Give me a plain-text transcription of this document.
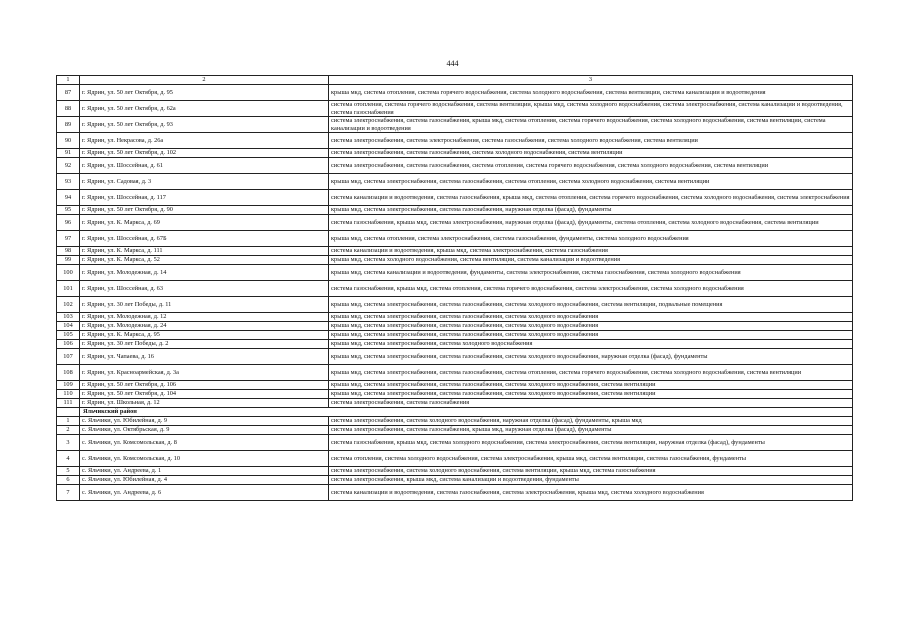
444
1	2	3
87	г. Ядрин, ул. 50 лет Октября, д. 95	крыша мкд, система отопления, система горячего водоснабжения, система холодного водоснабжения, система вентиляции, система канализации и водоотведения
88	г. Ядрин, ул. 50 лет Октября, д. 62а	система отопления, система горячего водоснабжения, система вентиляции, крыша мкд, система холодного водоснабжения, система электроснабжения, система канализации и водоотведения, система газоснабжения
89	г. Ядрин, ул. 50 лет Октября, д. 93	система электроснабжения, система газоснабжения, крыша мкд, система отопления, система горячего водоснабжения, система холодного водоснабжения, система вентиляции, система канализации и водоотведения
90	г. Ядрин, ул. Некрасова, д. 26а	система электроснабжения, система электроснабжения, система газоснабжения, система холодного водоснабжения, система вентиляции
91	г. Ядрин, ул. 50 лет Октября, д. 102	система электроснабжения, система газоснабжения, система холодного водоснабжения, система вентиляции
92	г. Ядрин, ул. Шоссейная, д. 61	система электроснабжения, система газоснабжения, система отопления, система горячего водоснабжения, система холодного водоснабжения, система вентиляции
93	г. Ядрин, ул. Садовая, д. 3	крыша мкд, система электроснабжения, система газоснабжения, система отопления, система холодного водоснабжения, система вентиляции
94	г. Ядрин, ул. Шоссейная, д. 117	система канализации и водоотведения, система газоснабжения, крыша мкд, система отопления, система горячего водоснабжения, система холодного водоснабжения, система электроснабжения
95	г. Ядрин, ул. 50 лет Октября, д. 90	крыша мкд, система электроснабжения, система газоснабжения, наружная отделка (фасад), фундаменты
96	г. Ядрин, ул. К. Маркса, д. 69	система газоснабжения, крыша мкд, система электроснабжения, наружная отделка (фасад), фундаменты, система отопления, система холодного водоснабжения, система вентиляции
97	г. Ядрин, ул. Шоссейная, д. 67Б	крыша мкд, система отопления, система электроснабжения, система газоснабжения, фундаменты, система холодного водоснабжения
98	г. Ядрин, ул. К. Маркса, д. 111	система канализации и водоотведения, крыша мкд, система электроснабжения, система газоснабжения
99	г. Ядрин, ул. К. Маркса, д. 52	крыша мкд, система холодного водоснабжения, система вентиляции, система канализации и водоотведения
100	г. Ядрин, ул. Молодежная, д. 14	крыша мкд, система канализации и водоотведения, фундаменты, система электроснабжения, система газоснабжения, система холодного водоснабжения
101	г. Ядрин, ул. Шоссейная, д. 63	система газоснабжения, крыша мкд, система отопления, система горячего водоснабжения, система электроснабжения, система холодного водоснабжения
102	г. Ядрин, ул. 30 лет Победы, д. 11	крыша мкд, система электроснабжения, система газоснабжения, система холодного водоснабжения, система вентиляции, подвальные помещения
103	г. Ядрин, ул. Молодежная, д. 12	крыша мкд, система электроснабжения, система газоснабжения, система холодного водоснабжения
104	г. Ядрин, ул. Молодежная, д. 24	крыша мкд, система электроснабжения, система газоснабжения, система холодного водоснабжения
105	г. Ядрин, ул. К. Маркса, д. 95	крыша мкд, система электроснабжения, система газоснабжения, система холодного водоснабжения
106	г. Ядрин, ул. 30 лет Победы, д. 2	крыша мкд, система электроснабжения, система холодного водоснабжения
107	г. Ядрин, ул. Чапаева, д. 16	крыша мкд, система электроснабжения, система газоснабжения, система холодного водоснабжения, наружная отделка (фасад), фундаменты
108	г. Ядрин, ул. Красноармейская, д. 3а	крыша мкд, система электроснабжения, система газоснабжения, система отопления, система горячего водоснабжения, система холодного водоснабжения, система вентиляции
109	г. Ядрин, ул. 50 лет Октября, д. 106	крыша мкд, система электроснабжения, система газоснабжения, система холодного водоснабжения, система вентиляции
110	г. Ядрин, ул. 50 лет Октября, д. 104	крыша мкд, система электроснабжения, система газоснабжения, система холодного водоснабжения, система вентиляции
111	г. Ядрин, ул. Школьная, д. 12	система электроснабжения, система газоснабжения
	Яльчикский район	
1	с. Яльчики, ул. Юбилейная, д. 9	система электроснабжения, система холодного водоснабжения, наружная отделка (фасад), фундаменты, крыша мкд
2	с. Яльчики, ул. Октябрьская, д. 9	система электроснабжения, система газоснабжения, крыша мкд, наружная отделка (фасад), фундаменты
3	с. Яльчики, ул. Комсомольская, д. 8	система газоснабжения, крыша мкд, система холодного водоснабжения, система электроснабжения, система вентиляции, наружная отделка (фасад), фундаменты
4	с. Яльчики, ул. Комсомольская, д. 10	система отопления, система холодного водоснабжения, система электроснабжения, крыша мкд, система вентиляции, система газоснабжения, фундаменты
5	с. Яльчики, ул. Андреева, д. 1	система электроснабжения, система холодного водоснабжения, система вентиляции, крыша мкд, система газоснабжения
6	с. Яльчики, ул. Юбилейная, д. 4	система электроснабжения, крыша мкд, система канализации и водоотведения, фундаменты
7	с. Яльчики, ул. Андреева, д. 6	система канализации и водоотведения, система газоснабжения, система электроснабжения, крыша мкд, система холодного водоснабжения
